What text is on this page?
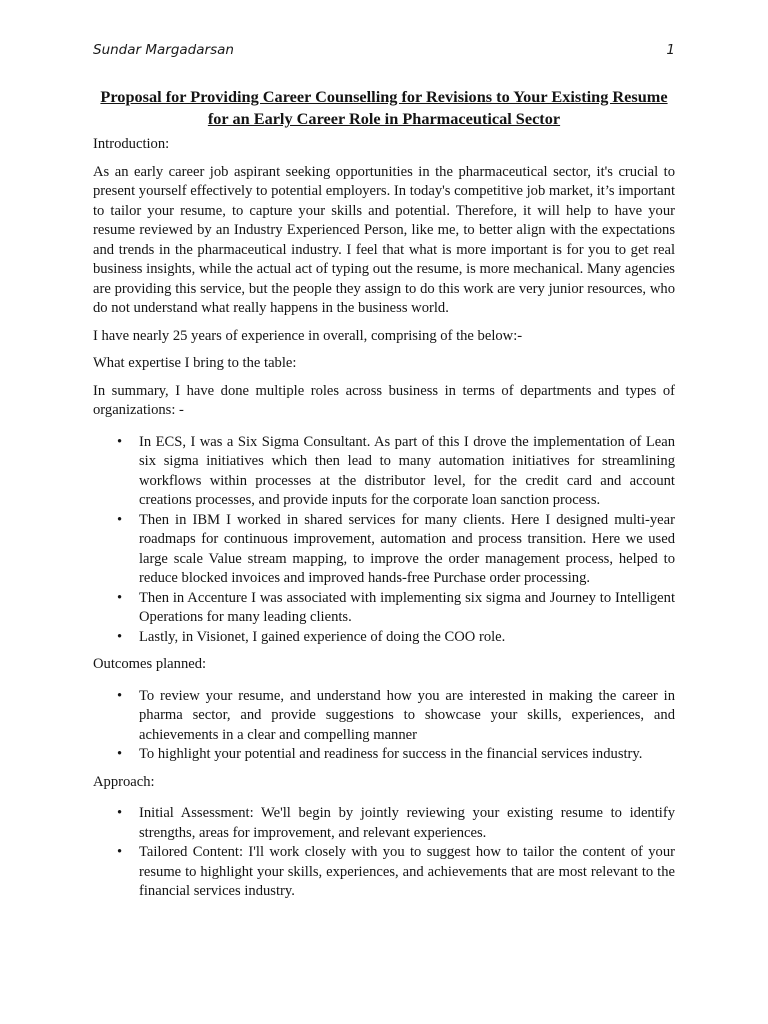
Sundar Margadarsan	1
Proposal for Providing Career Counselling for Revisions to Your Existing Resume for an Early Career Role in Pharmaceutical Sector

Introduction:

As an early career job aspirant seeking opportunities in the pharmaceutical sector, it's crucial to present yourself effectively to potential employers. In today's competitive job market, it’s important to tailor your resume, to capture your skills and potential. Therefore, it will help to have your resume reviewed by an Industry Experienced Person, like me, to better align with the expectations and trends in the pharmaceutical industry. I feel that what is more important is for you to get real business insights, while the actual act of typing out the resume, is more mechanical. Many agencies are providing this service, but the people they assign to do this work are very junior resources, who do not understand what really happens in the business world.

I have nearly 25 years of experience in overall, comprising of the below:-

What expertise I bring to the table:

In summary, I have done multiple roles across business in terms of departments and types of organizations: -

• In ECS, I was a Six Sigma Consultant. As part of this I drove the implementation of Lean six sigma initiatives which then lead to many automation initiatives for streamlining workflows within processes at the distributor level, for the credit card and account creations processes, and provide inputs for the corporate loan sanction process.
• Then in IBM I worked in shared services for many clients. Here I designed multi-year roadmaps for continuous improvement, automation and process transition. Here we used large scale Value stream mapping, to improve the order management process, helped to reduce blocked invoices and improved hands-free Purchase order processing.
• Then in Accenture I was associated with implementing six sigma and Journey to Intelligent Operations for many leading clients.
• Lastly, in Visionet, I gained experience of doing the COO role.

Outcomes planned:

• To review your resume, and understand how you are interested in making the career in pharma sector, and provide suggestions to showcase your skills, experiences, and achievements in a clear and compelling manner
• To highlight your potential and readiness for success in the financial services industry.

Approach:

• Initial Assessment: We'll begin by jointly reviewing your existing resume to identify strengths, areas for improvement, and relevant experiences.
• Tailored Content: I'll work closely with you to suggest how to tailor the content of your resume to highlight your skills, experiences, and achievements that are most relevant to the financial services industry.
